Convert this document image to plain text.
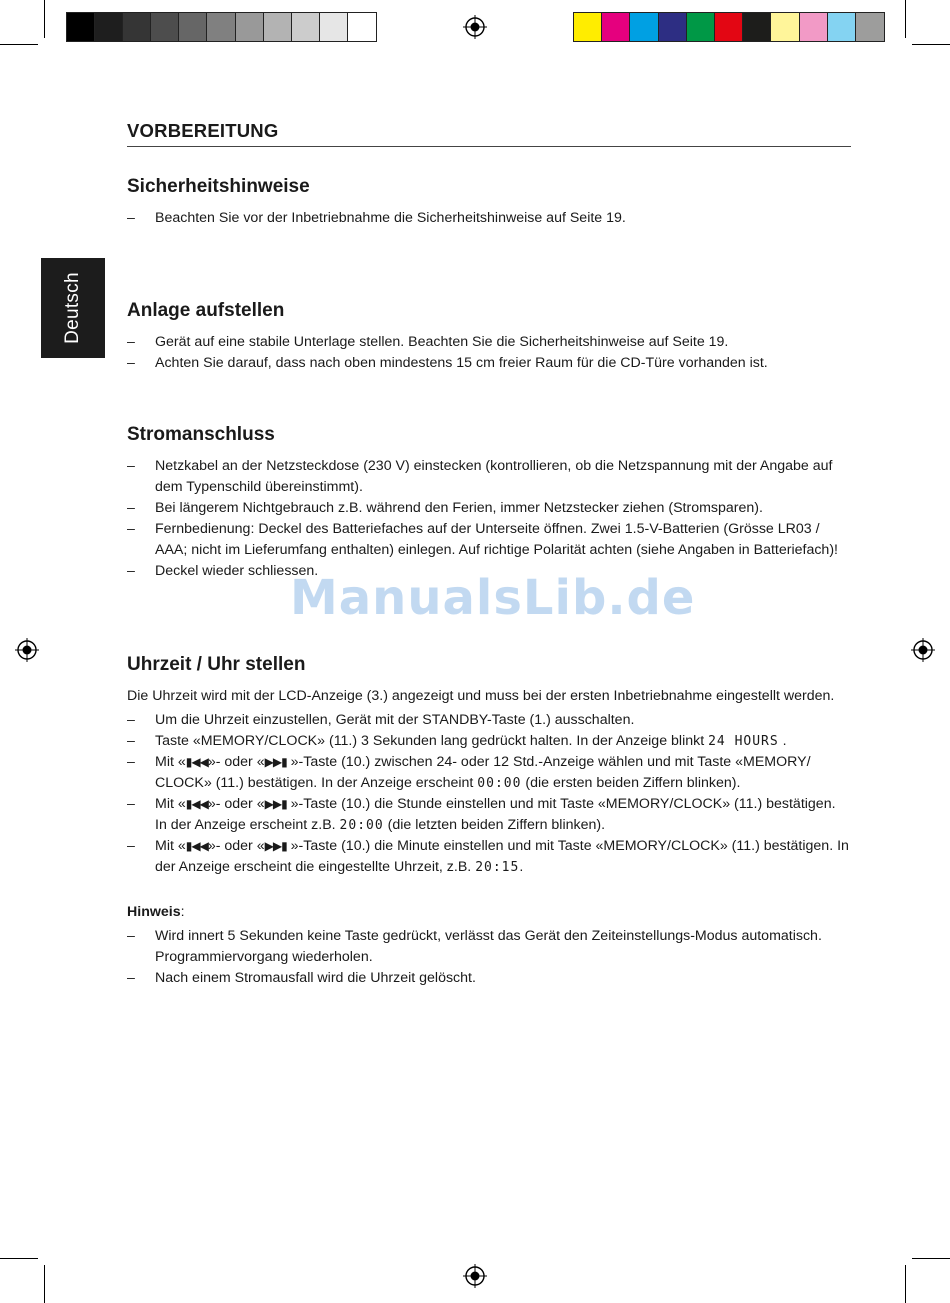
Deutsch
VORBEREITUNG
Sicherheitshinweise
– Beachten Sie vor der Inbetriebnahme die Sicherheitshinweise auf Seite 19.
Anlage aufstellen
– Gerät auf eine stabile Unterlage stellen. Beachten Sie die Sicherheitshinweise auf Seite 19.
– Achten Sie darauf, dass nach oben mindestens 15 cm freier Raum für die CD-Türe vorhanden ist.
Stromanschluss
– Netzkabel an der Netzsteckdose (230 V) einstecken (kontrollieren, ob die Netzspannung mit der Angabe auf dem Typenschild übereinstimmt).
– Bei längerem Nichtgebrauch z.B. während den Ferien, immer Netzstecker ziehen (Stromsparen).
– Fernbedienung: Deckel des Batteriefaches auf der Unterseite öffnen. Zwei 1.5-V-Batterien (Grösse LR03 / AAA; nicht im Lieferumfang enthalten) einlegen. Auf richtige Polarität achten (siehe Angaben in Batteriefach)!
– Deckel wieder schliessen.
Uhrzeit / Uhr stellen

Die Uhrzeit wird mit der LCD-Anzeige (3.) angezeigt und muss bei der ersten Inbetriebnahme eingestellt werden.

– Um die Uhrzeit einzustellen, Gerät mit der STANDBY-Taste (1.) ausschalten.
– Taste «MEMORY/CLOCK» (11.) 3 Sekunden lang gedrückt halten. In der Anzeige blinkt 24 HOURS .
– Mit «▮◀◀»- oder «▶▶▮ »-Taste (10.) zwischen 24- oder 12 Std.-Anzeige wählen und mit Taste «MEMORY/ CLOCK» (11.) bestätigen. In der Anzeige erscheint 00:00 (die ersten beiden Ziffern blinken).
– Mit «▮◀◀»- oder «▶▶▮ »-Taste (10.) die Stunde einstellen und mit Taste «MEMORY/CLOCK» (11.) bestätigen. In der Anzeige erscheint z.B. 20:00 (die letzten beiden Ziffern blinken).
– Mit «▮◀◀»- oder «▶▶▮ »-Taste (10.) die Minute einstellen und mit Taste «MEMORY/CLOCK» (11.) bestätigen. In der Anzeige erscheint die eingestellte Uhrzeit, z.B. 20:15.

Hinweis:

– Wird innert 5 Sekunden keine Taste gedrückt, verlässt das Gerät den Zeiteinstellungs-Modus automatisch. Programmiervorgang wiederholen.
– Nach einem Stromausfall wird die Uhrzeit gelöscht.
ManualsLib.de
